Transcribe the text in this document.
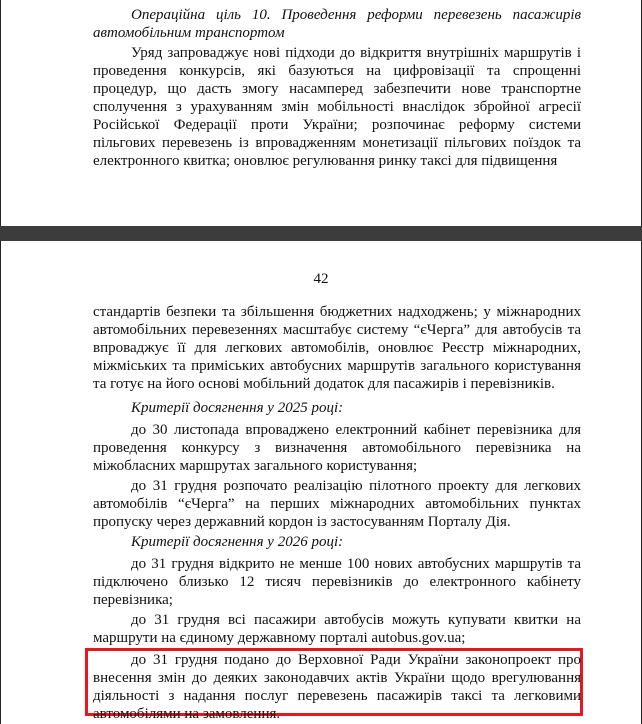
Операційна ціль 10. Проведення реформи перевезень пасажирів автомобільним транспортом

Уряд запроваджує нові підходи до відкриття внутрішніх маршрутів і проведення конкурсів, які базуються на цифровізації та спрощенні процедур, що дасть змогу насамперед забезпечити нове транспортне сполучення з урахуванням змін мобільності внаслідок збройної агресії Російської Федерації проти України; розпочинає реформу системи пільгових перевезень із впровадженням монетизації пільгових поїздок та електронного квитка; оновлює регулювання ринку таксі для підвищення

42

стандартів безпеки та збільшення бюджетних надходжень; у міжнародних автомобільних перевезеннях масштабує систему “єЧерга” для автобусів та впроваджує її для легкових автомобілів, оновлює Реєстр міжнародних, міжміських та приміських автобусних маршрутів загального користування та готує на його основі мобільний додаток для пасажирів і перевізників.

Критерії досягнення у 2025 році:

до 30 листопада впроваджено електронний кабінет перевізника для проведення конкурсу з визначення автомобільного перевізника на міжобласних маршрутах загального користування;

до 31 грудня розпочато реалізацію пілотного проекту для легкових автомобілів “єЧерга” на перших міжнародних автомобільних пунктах пропуску через державний кордон із застосуванням Порталу Дія.

Критерії досягнення у 2026 році:

до 31 грудня відкрито не менше 100 нових автобусних маршрутів та підключено близько 12 тисяч перевізників до електронного кабінету перевізника;

до 31 грудня всі пасажири автобусів можуть купувати квитки на маршрути на єдиному державному порталі autobus.gov.ua;

до 31 грудня подано до Верховної Ради України законопроект про внесення змін до деяких законодавчих актів України щодо врегулювання діяльності з надання послуг перевезень пасажирів таксі та легковими автомобілями на замовлення.
